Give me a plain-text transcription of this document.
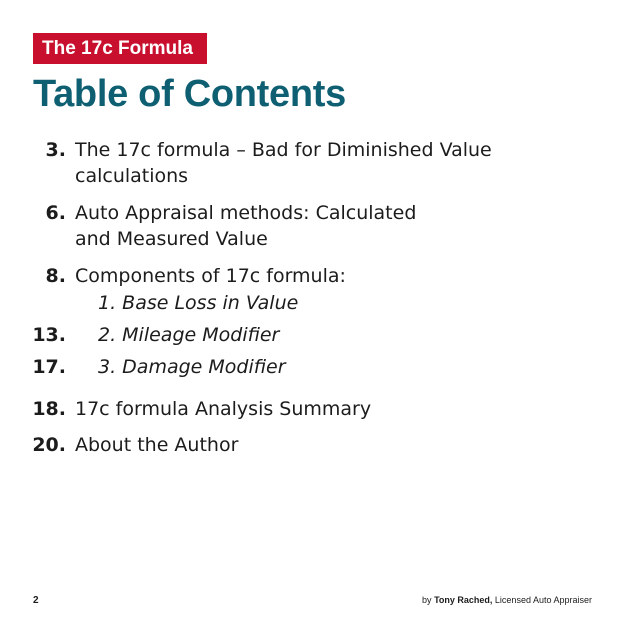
The 17c Formula
Table of Contents
3. The 17c formula – Bad for Diminished Value
calculations
6. Auto Appraisal methods: Calculated
and Measured Value
8. Components of 17c formula:
1. Base Loss in Value
13. 2. Mileage Modifier
17. 3. Damage Modifier
18. 17c formula Analysis Summary
20. About the Author
2	by Tony Rached, Licensed Auto Appraiser
